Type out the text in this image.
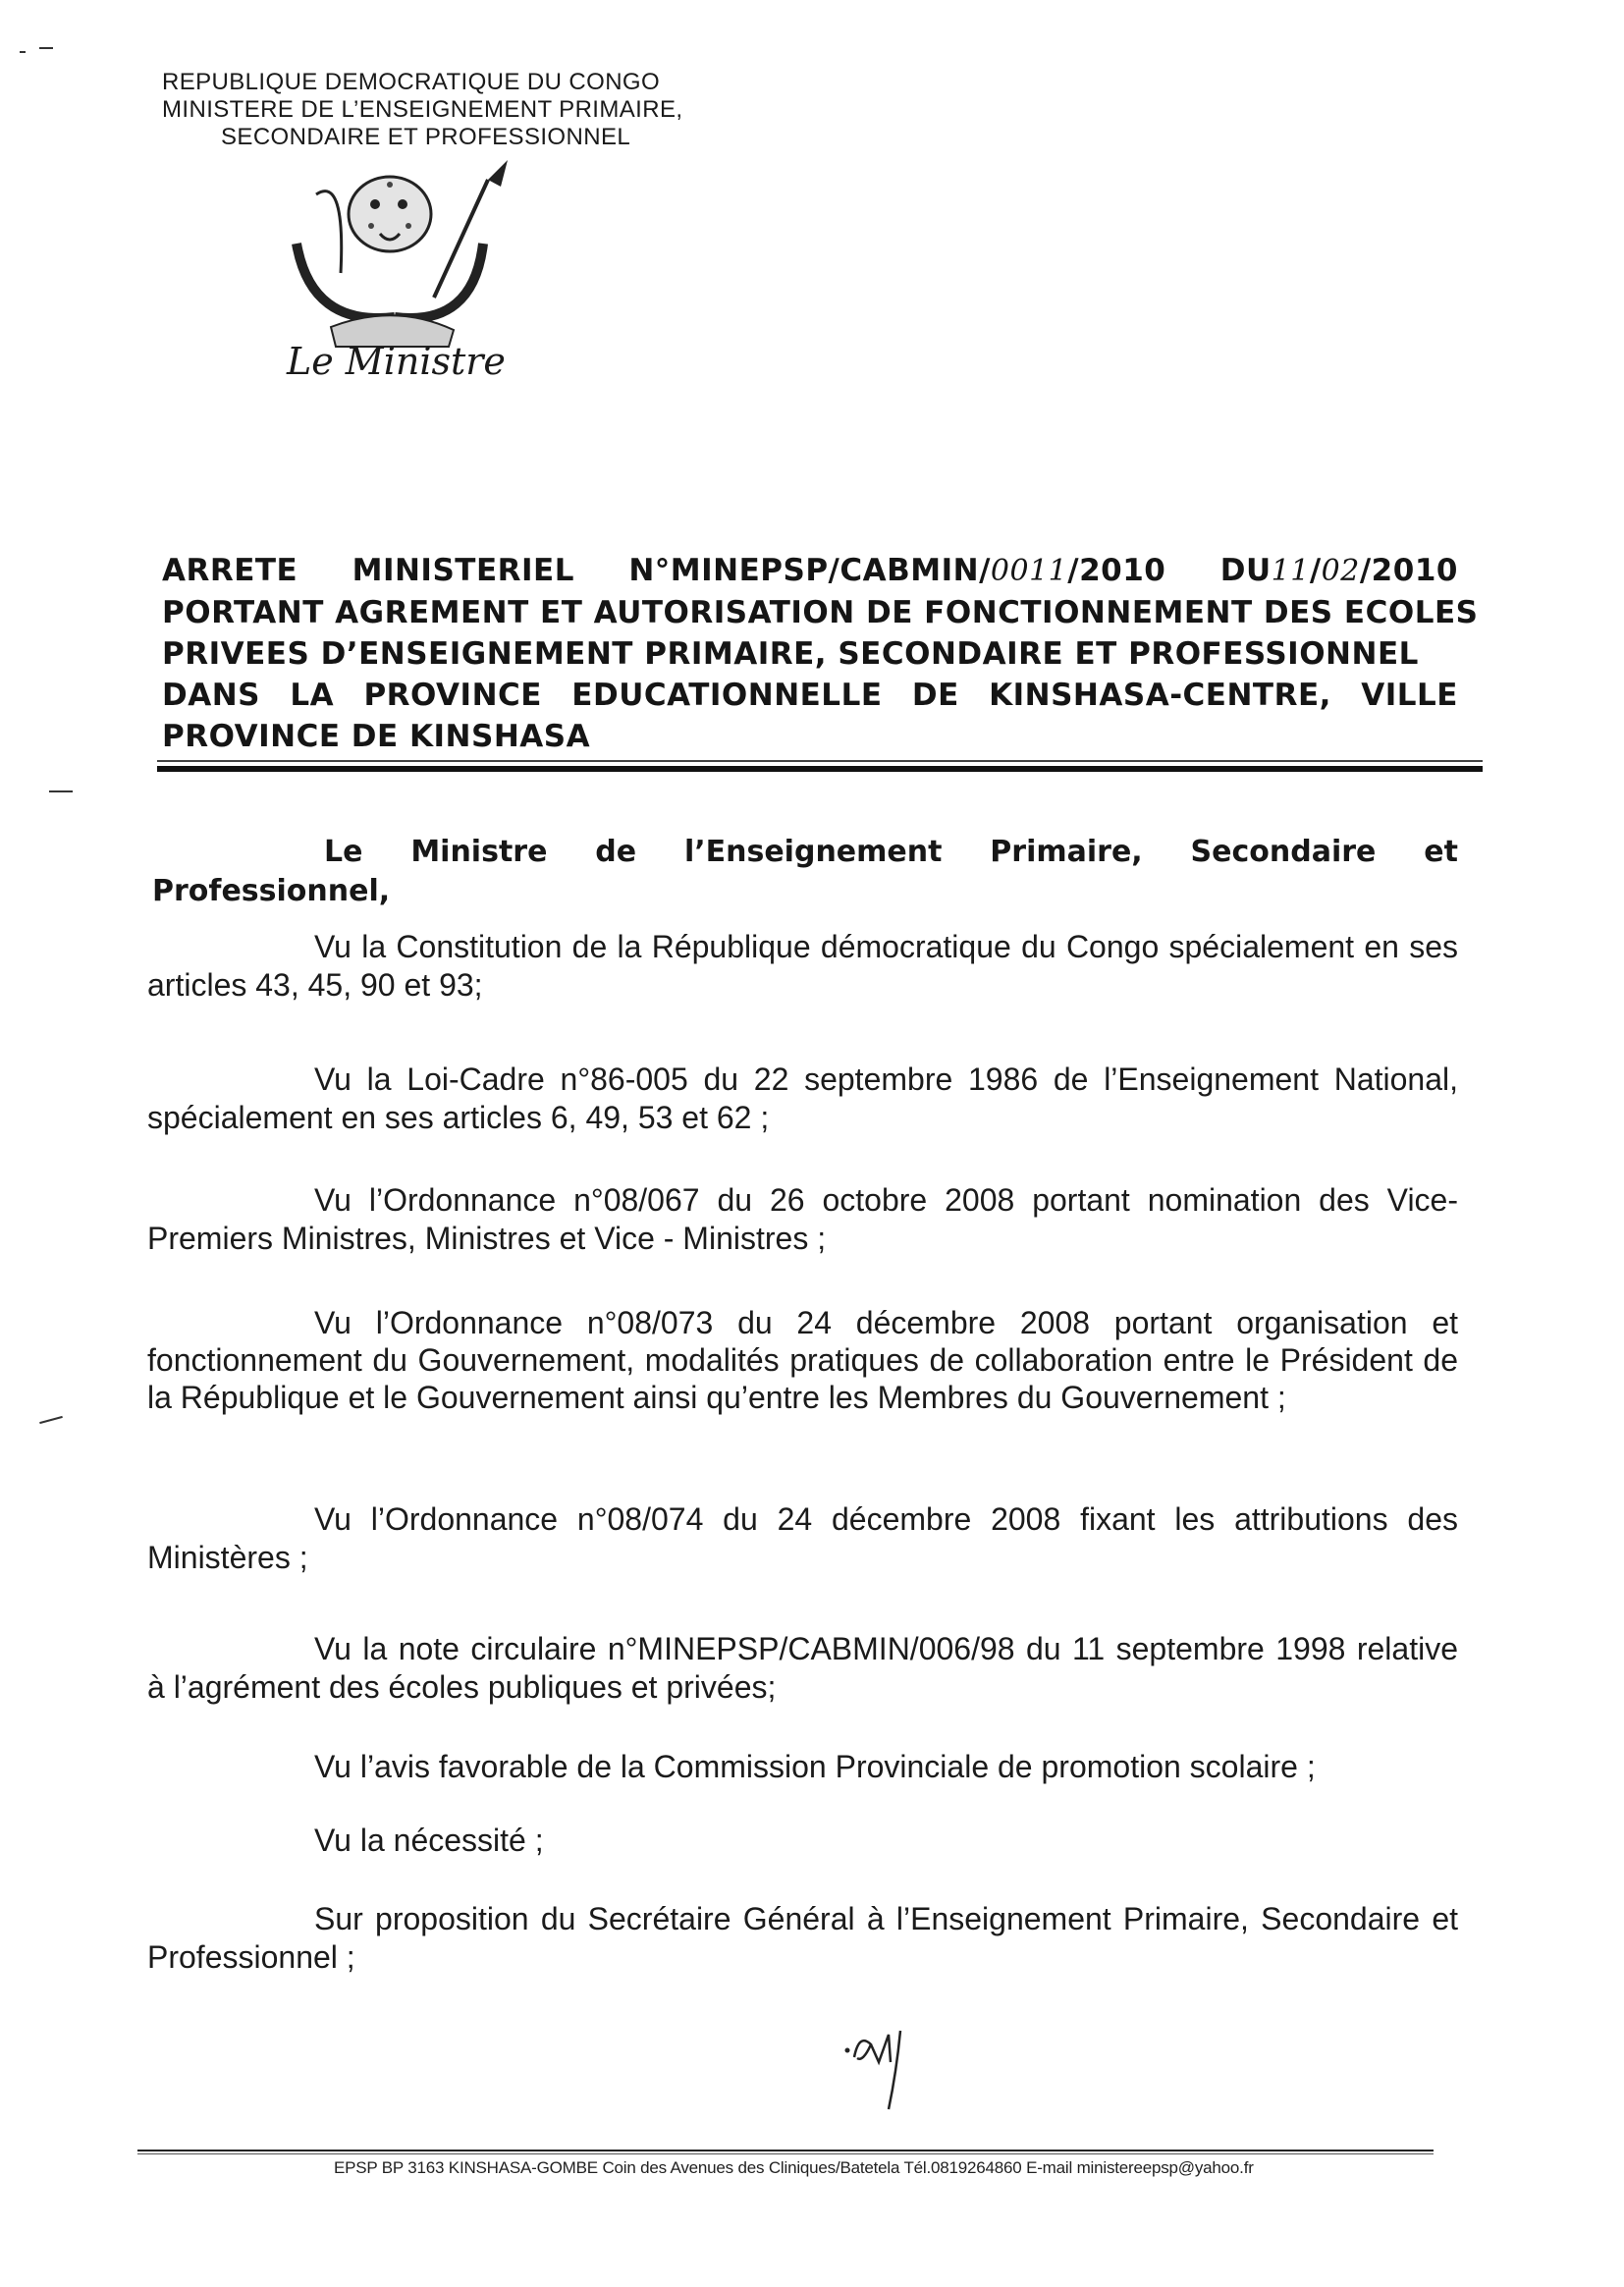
REPUBLIQUE DEMOCRATIQUE DU CONGO
MINISTERE DE L’ENSEIGNEMENT PRIMAIRE,
SECONDAIRE ET PROFESSIONNEL
Le Ministre
ARRETE MINISTERIEL N°MINEPSP/CABMIN/0011/2010 DU11/02/2010
PORTANT AGREMENT ET AUTORISATION DE FONCTIONNEMENT DES ECOLES
PRIVEES D’ENSEIGNEMENT PRIMAIRE, SECONDAIRE ET PROFESSIONNEL
DANS LA PROVINCE EDUCATIONNELLE DE KINSHASA-CENTRE, VILLE
PROVINCE DE KINSHASA
Le Ministre de l’Enseignement Primaire, Secondaire et
Professionnel,

Vu la Constitution de la République démocratique du Congo spécialement en ses articles 43, 45, 90 et 93;

Vu la Loi-Cadre n°86-005 du 22 septembre 1986 de l’Enseignement National, spécialement en ses articles 6, 49, 53 et 62 ;

Vu l’Ordonnance n°08/067 du 26 octobre 2008 portant nomination des Vice-Premiers Ministres, Ministres et Vice - Ministres ;

Vu l’Ordonnance n°08/073 du 24 décembre 2008 portant organisation et fonctionnement du Gouvernement, modalités pratiques de collaboration entre le Président de la République et le Gouvernement ainsi qu’entre les Membres du Gouvernement ;

Vu l’Ordonnance n°08/074 du 24 décembre 2008 fixant les attributions des Ministères ;

Vu la note circulaire n°MINEPSP/CABMIN/006/98 du 11 septembre 1998 relative à l’agrément des écoles publiques et privées;

Vu l’avis favorable de la Commission Provinciale de promotion scolaire ;

Vu la nécessité ;

Sur proposition du Secrétaire Général à l’Enseignement Primaire, Secondaire et Professionnel ;

EPSP BP 3163 KINSHASA-GOMBE Coin des Avenues des Cliniques/Batetela Tél.0819264860 E-mail ministereepsp@yahoo.fr
